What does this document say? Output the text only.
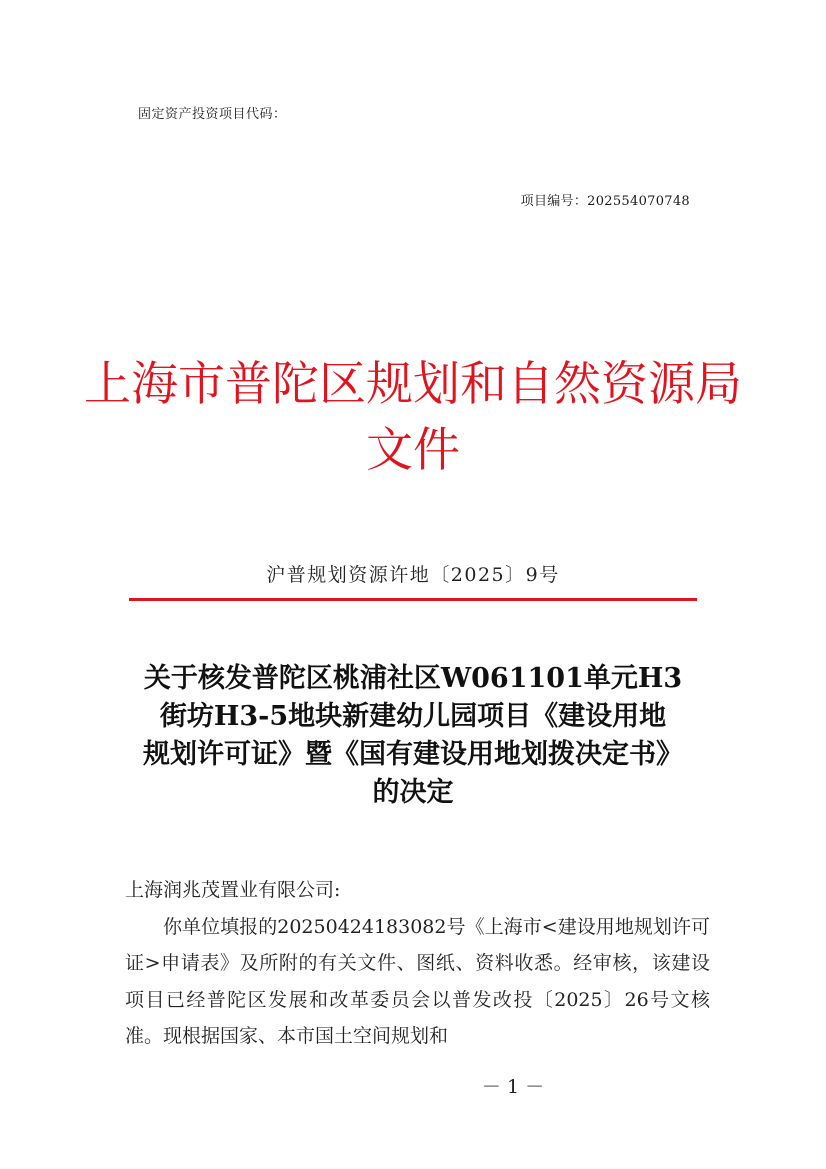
固定资产投资项目代码：
项目编号：202554070748
上海市普陀区规划和自然资源局
文件
沪普规划资源许地〔2025〕9号
关于核发普陀区桃浦社区W061101单元H3
街坊H3-5地块新建幼儿园项目《建设用地
规划许可证》暨《国有建设用地划拨决定书》
的决定

上海润兆茂置业有限公司:

你单位填报的20250424183082号《上海市<建设用地规划许可证>申请表》及所附的有关文件、图纸、资料收悉。经审核，该建设项目已经普陀区发展和改革委员会以普发改投〔2025〕26号文核准。现根据国家、本市国土空间规划和

－ 1 －
